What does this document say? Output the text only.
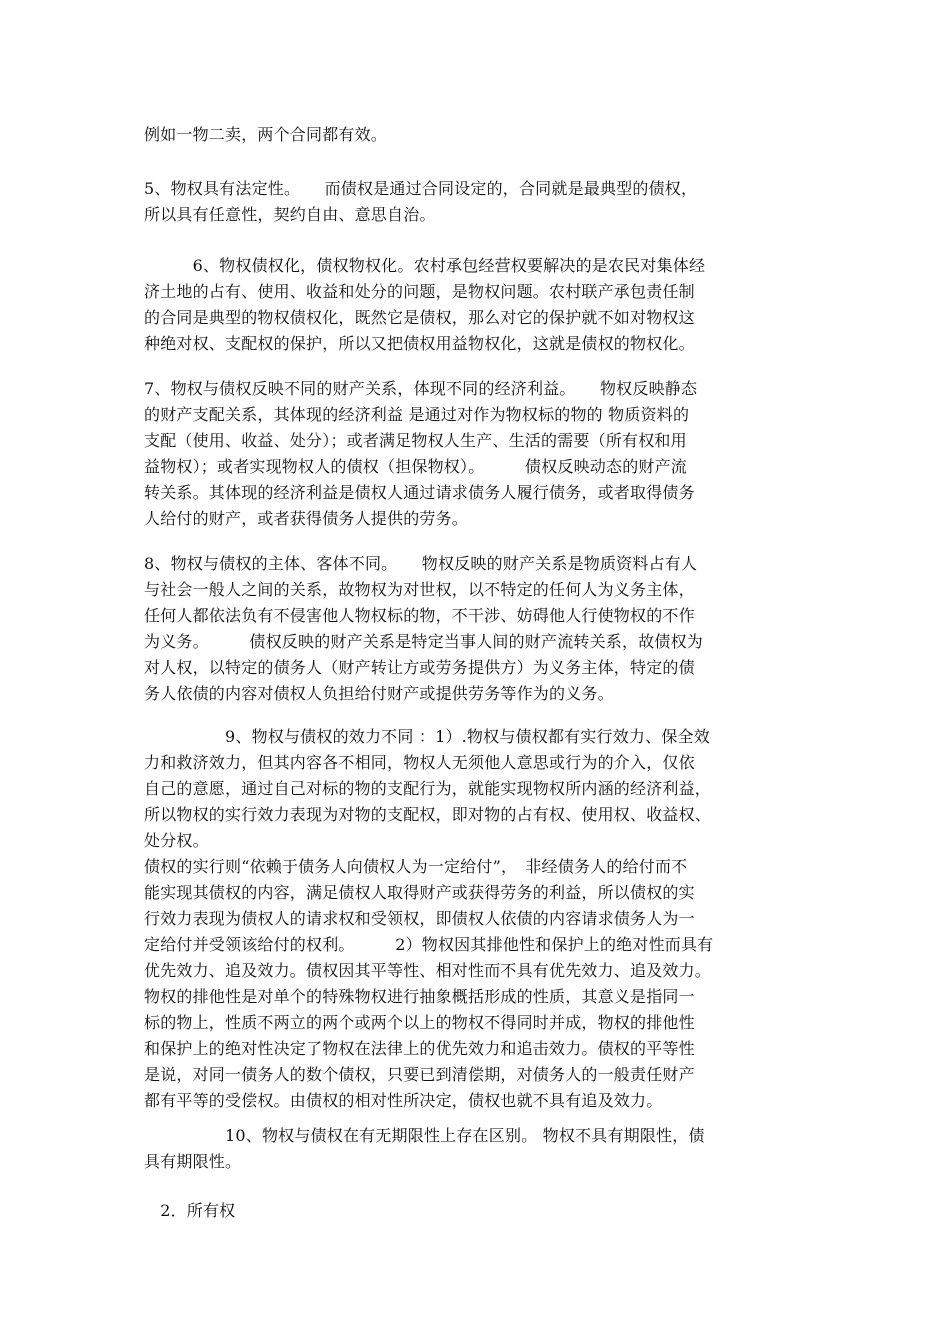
例如一物二卖，两个合同都有效。

5、物权具有法定性。　　而债权是通过合同设定的，合同就是最典型的债权，
所以具有任意性，契约自由、意思自治。

　　　6、物权债权化，债权物权化。农村承包经营权要解决的是农民对集体经
济土地的占有、使用、收益和处分的问题，是物权问题。农村联产承包责任制
的合同是典型的物权债权化，既然它是债权，那么对它的保护就不如对物权这
种绝对权、支配权的保护，所以又把债权用益物权化，这就是债权的物权化。

7、物权与债权反映不同的财产关系，体现不同的经济利益。　　物权反映静态
的财产支配关系，其体现的经济利益 是通过对作为物权标的物的 物质资料的
支配（使用、收益、处分）；或者满足物权人生产、生活的需要（所有权和用
益物权）；或者实现物权人的债权（担保物权）。　　　债权反映动态的财产流
转关系。其体现的经济利益是债权人通过请求债务人履行债务，或者取得债务
人给付的财产，或者获得债务人提供的劳务。

8、物权与债权的主体、客体不同。　　物权反映的财产关系是物质资料占有人
与社会一般人之间的关系，故物权为对世权，以不特定的任何人为义务主体，
任何人都依法负有不侵害他人物权标的物，不干涉、妨碍他人行使物权的不作
为义务。　　　债权反映的财产关系是特定当事人间的财产流转关系，故债权为
对人权，以特定的债务人（财产转让方或劳务提供方）为义务主体，特定的债
务人依债的内容对债权人负担给付财产或提供劳务等作为的义务。

　　　　　9、物权与债权的效力不同 ：1）.物权与债权都有实行效力、保全效
力和救济效力，但其内容各不相同，物权人无须他人意思或行为的介入，仅依
自己的意愿，通过自己对标的物的支配行为，就能实现物权所内涵的经济利益，
所以物权的实行效力表现为对物的支配权，即对物的占有权、使用权、收益权、
处分权。
债权的实行则“依赖于债务人向债权人为一定给付”，　非经债务人的给付而不
能实现其债权的内容，满足债权人取得财产或获得劳务的利益，所以债权的实
行效力表现为债权人的请求权和受领权，即债权人依债的内容请求债务人为一
定给付并受领该给付的权利。　　　2）物权因其排他性和保护上的绝对性而具有
优先效力、追及效力。债权因其平等性、相对性而不具有优先效力、追及效力。
物权的排他性是对单个的特殊物权进行抽象概括形成的性质，其意义是指同一
标的物上，性质不两立的两个或两个以上的物权不得同时并成，物权的排他性
和保护上的绝对性决定了物权在法律上的优先效力和追击效力。债权的平等性
是说，对同一债务人的数个债权，只要已到清偿期，对债务人的一般责任财产
都有平等的受偿权。由债权的相对性所决定，债权也就不具有追及效力。

　　　　　10、物权与债权在有无期限性上存在区别。 物权不具有期限性，债
具有期限性。

　2．所有权
